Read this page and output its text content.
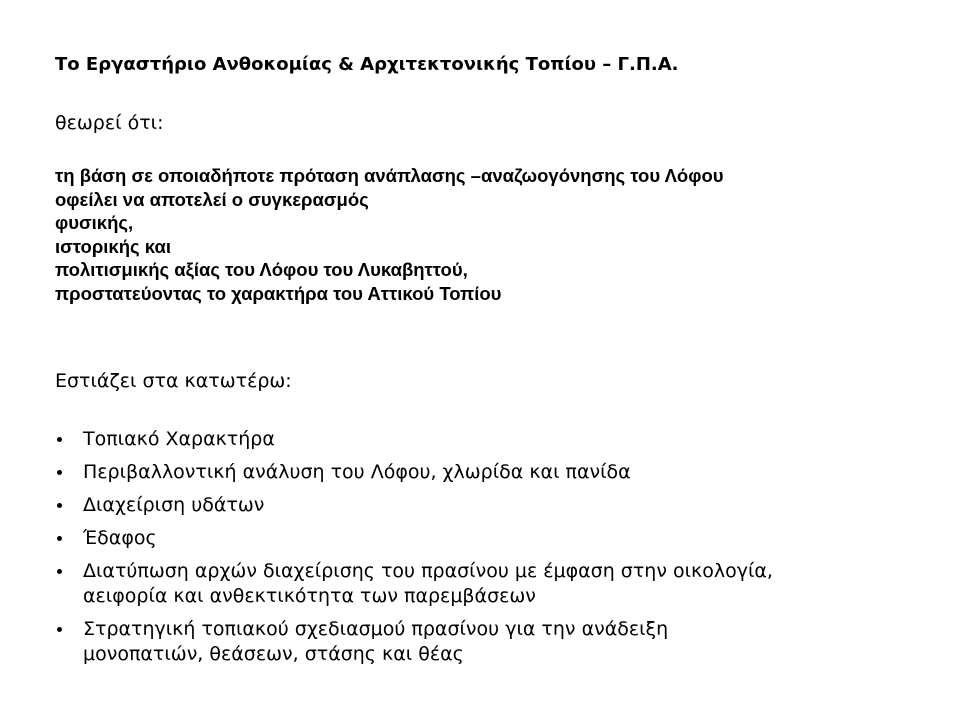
Το Εργαστήριο Ανθοκομίας & Αρχιτεκτονικής Τοπίου – Γ.Π.Α.
θεωρεί ότι:
τη βάση σε οποιαδήποτε πρόταση ανάπλασης –αναζωογόνησης του Λόφου
οφείλει να αποτελεί ο συγκερασμός
φυσικής,
ιστορικής και
πολιτισμικής αξίας του Λόφου του Λυκαβηττού,
προστατεύοντας το χαρακτήρα του Αττικού Τοπίου
Εστιάζει στα κατωτέρω:
Τοπιακό Χαρακτήρα
Περιβαλλοντική ανάλυση του Λόφου, χλωρίδα και πανίδα
Διαχείριση υδάτων
Έδαφος
Διατύπωση αρχών διαχείρισης του πρασίνου με έμφαση στην οικολογία,
αειφορία και ανθεκτικότητα των παρεμβάσεων
Στρατηγική τοπιακού σχεδιασμού πρασίνου για την ανάδειξη
μονοπατιών, θεάσεων, στάσης και θέας
